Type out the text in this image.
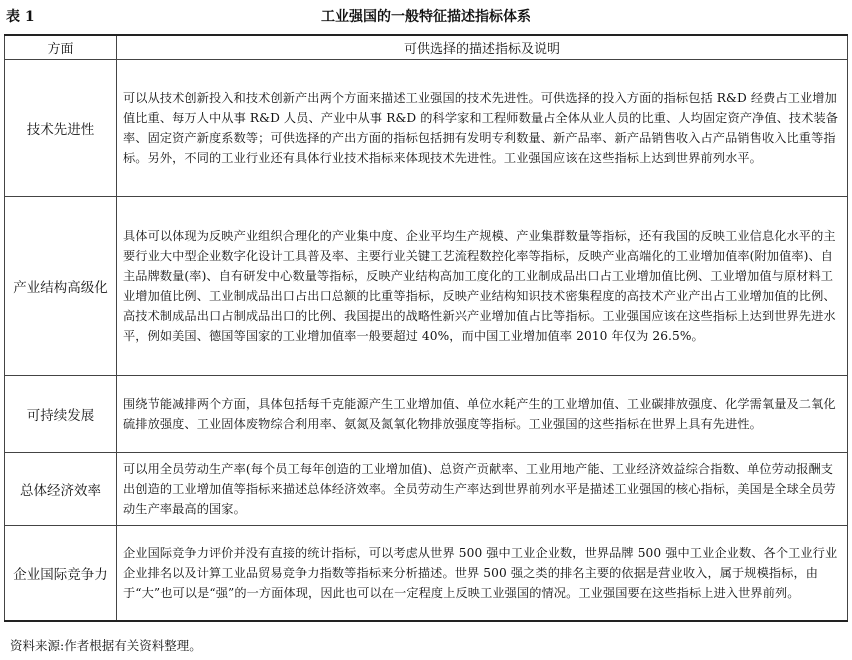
表 1	工业强国的一般特征描述指标体系
方面	可供选择的描述指标及说明
技术先进性	可以从技术创新投入和技术创新产出两个方面来描述工业强国的技术先进性。可供选择的投入方面的指标包括 R&D 经费占工业增加值比重、每万人中从事 R&D 人员、产业中从事 R&D 的科学家和工程师数量占全体从业人员的比重、人均固定资产净值、技术装备率、固定资产新度系数等；可供选择的产出方面的指标包括拥有发明专利数量、新产品率、新产品销售收入占产品销售收入比重等指标。另外，不同的工业行业还有具体行业技术指标来体现技术先进性。工业强国应该在这些指标上达到世界前列水平。
产业结构高级化	具体可以体现为反映产业组织合理化的产业集中度、企业平均生产规模、产业集群数量等指标，还有我国的反映工业信息化水平的主要行业大中型企业数字化设计工具普及率、主要行业关键工艺流程数控化率等指标，反映产业高端化的工业增加值率(附加值率)、自主品牌数量(率)、自有研发中心数量等指标，反映产业结构高加工度化的工业制成品出口占工业增加值比例、工业增加值与原材料工业增加值比例、工业制成品出口占出口总额的比重等指标，反映产业结构知识技术密集程度的高技术产业产出占工业增加值的比例、高技术制成品出口占制成品出口的比例、我国提出的战略性新兴产业增加值占比等指标。工业强国应该在这些指标上达到世界先进水平，例如美国、德国等国家的工业增加值率一般要超过 40%，而中国工业增加值率 2010 年仅为 26.5%。
可持续发展	围绕节能减排两个方面，具体包括每千克能源产生工业增加值、单位水耗产生的工业增加值、工业碳排放强度、化学需氧量及二氧化硫排放强度、工业固体废物综合利用率、氨氮及氮氧化物排放强度等指标。工业强国的这些指标在世界上具有先进性。
总体经济效率	可以用全员劳动生产率(每个员工每年创造的工业增加值)、总资产贡献率、工业用地产能、工业经济效益综合指数、单位劳动报酬支出创造的工业增加值等指标来描述总体经济效率。全员劳动生产率达到世界前列水平是描述工业强国的核心指标，美国是全球全员劳动生产率最高的国家。
企业国际竞争力	企业国际竞争力评价并没有直接的统计指标，可以考虑从世界 500 强中工业企业数，世界品牌 500 强中工业企业数、各个工业行业企业排名以及计算工业品贸易竞争力指数等指标来分析描述。世界 500 强之类的排名主要的依据是营业收入，属于规模指标，由于“大”也可以是“强”的一方面体现，因此也可以在一定程度上反映工业强国的情况。工业强国要在这些指标上进入世界前列。
资料来源:作者根据有关资料整理。
